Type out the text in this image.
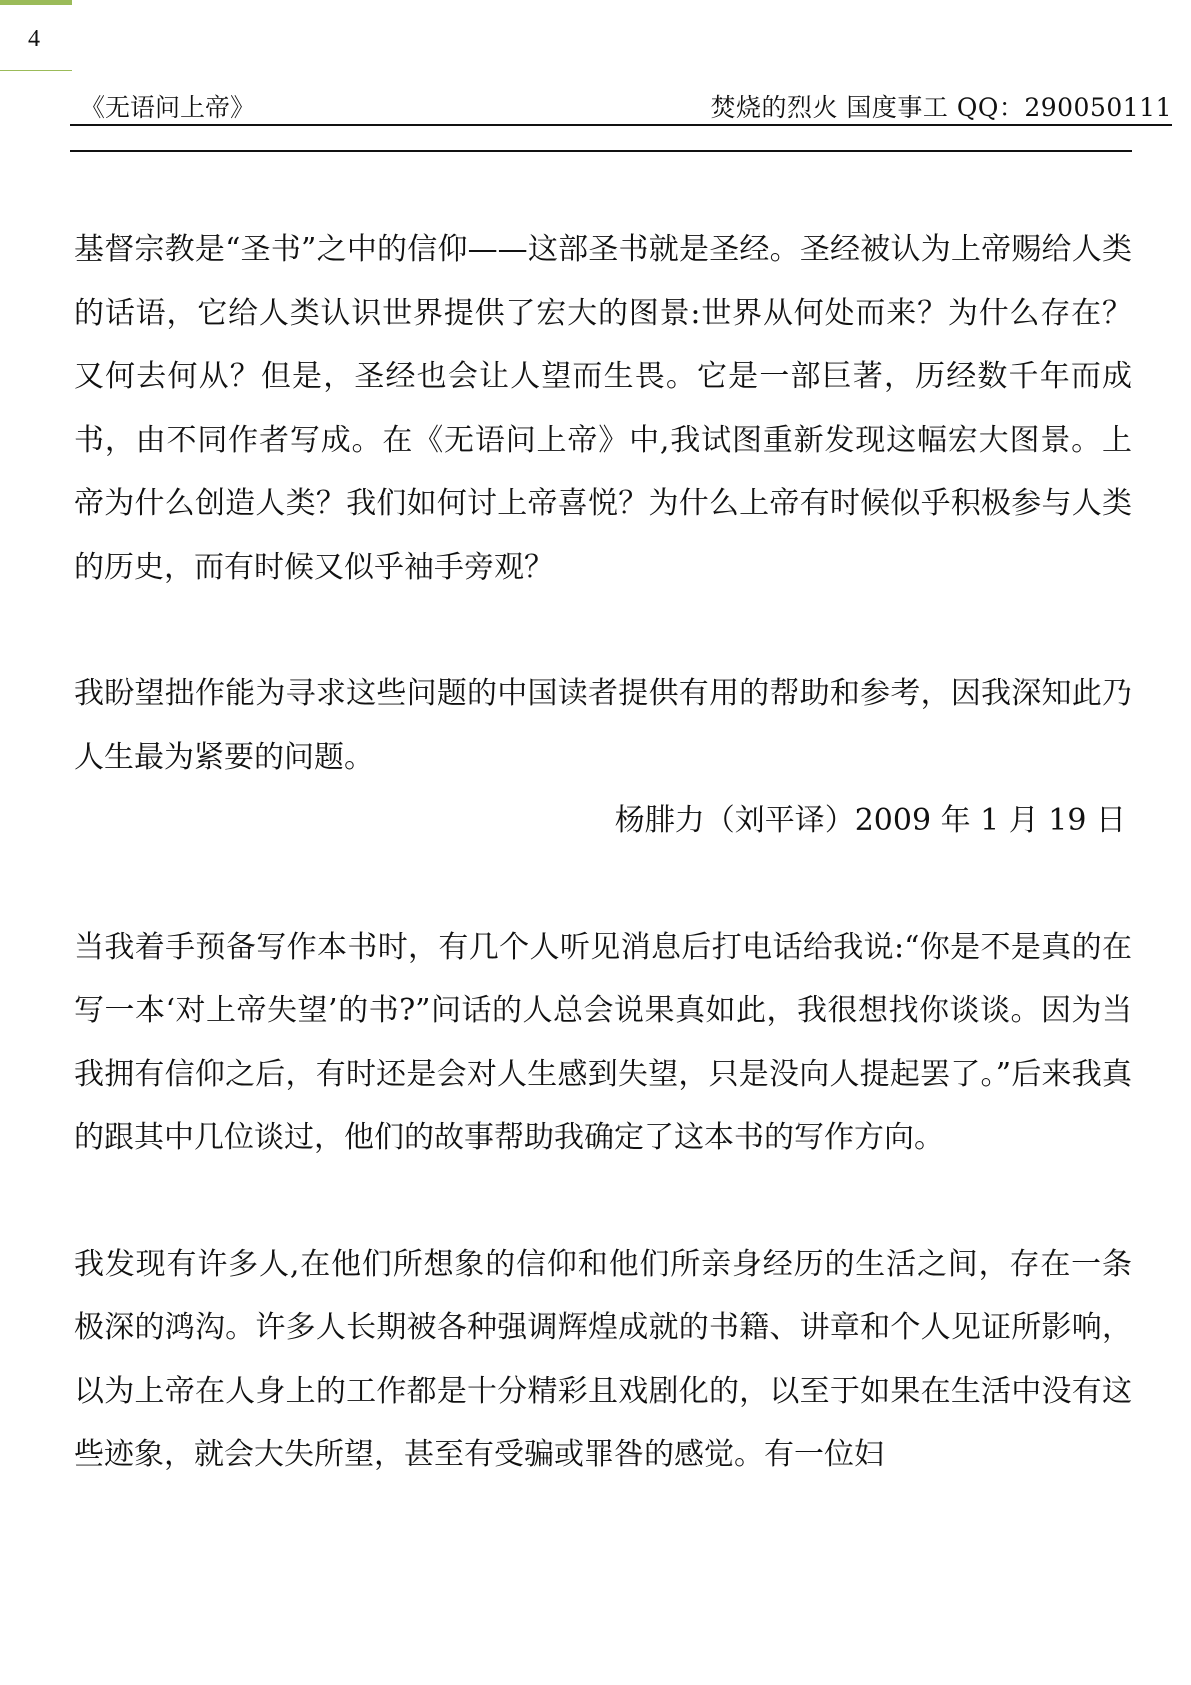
4
《无语问上帝》	焚烧的烈火 国度事工 QQ：290050111

基督宗教是“圣书”之中的信仰——这部圣书就是圣经。圣经被认为上帝赐给人类的话语，它给人类认识世界提供了宏大的图景:世界从何处而来？为什么存在？又何去何从？但是，圣经也会让人望而生畏。它是一部巨著，历经数千年而成书，由不同作者写成。在《无语问上帝》中,我试图重新发现这幅宏大图景。上帝为什么创造人类？我们如何讨上帝喜悦？为什么上帝有时候似乎积极参与人类的历史，而有时候又似乎袖手旁观？

我盼望拙作能为寻求这些问题的中国读者提供有用的帮助和参考，因我深知此乃人生最为紧要的问题。

杨腓力（刘平译）2009 年 1 月 19 日

当我着手预备写作本书时，有几个人听见消息后打电话给我说:“你是不是真的在写一本‘对上帝失望’的书?”问话的人总会说果真如此，我很想找你谈谈。因为当我拥有信仰之后，有时还是会对人生感到失望，只是没向人提起罢了。”后来我真的跟其中几位谈过，他们的故事帮助我确定了这本书的写作方向。

我发现有许多人,在他们所想象的信仰和他们所亲身经历的生活之间，存在一条极深的鸿沟。许多人长期被各种强调辉煌成就的书籍、讲章和个人见证所影响，以为上帝在人身上的工作都是十分精彩且戏剧化的，以至于如果在生活中没有这些迹象，就会大失所望，甚至有受骗或罪咎的感觉。有一位妇
